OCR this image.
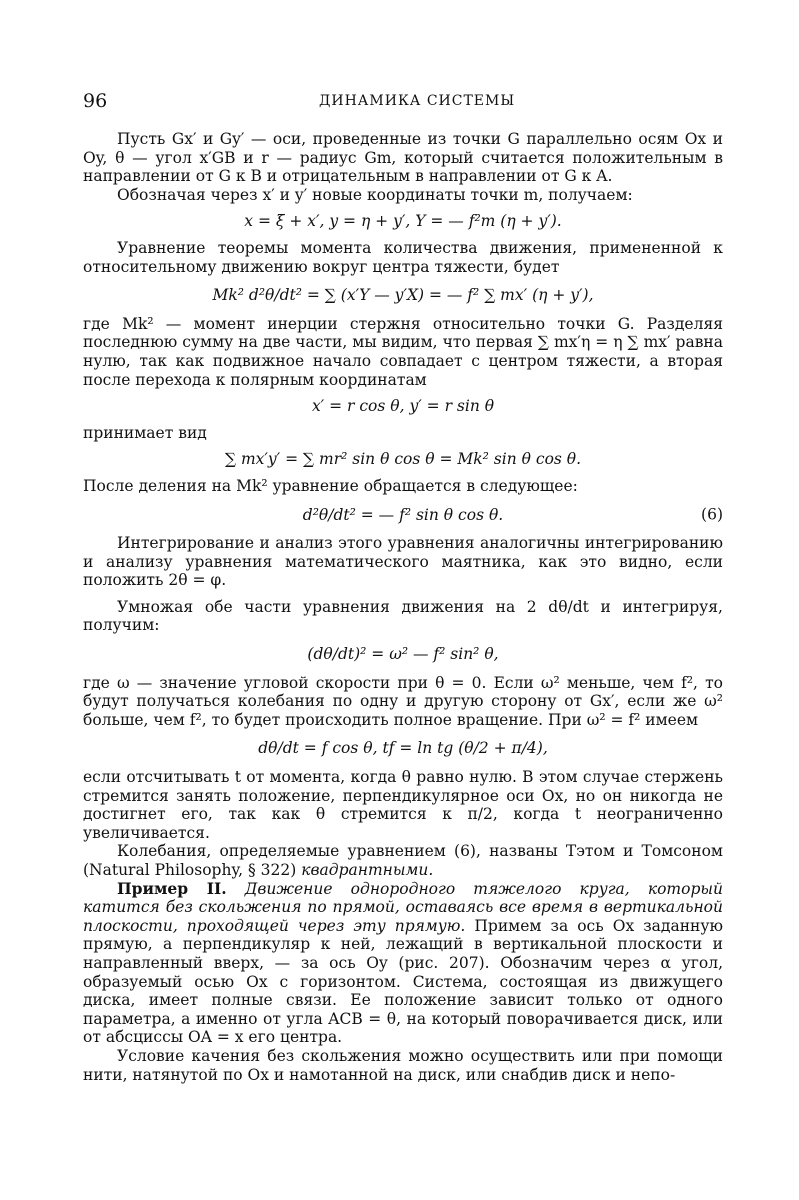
96	ДИНАМИКА СИСТЕМЫ

Пусть Gx′ и Gy′ — оси, проведенные из точки G параллельно осям Ox и Oy, θ — угол x′GB и r — радиус Gm, который считается положительным в направлении от G к B и отрицательным в направлении от G к A.

Обозначая через x′ и y′ новые координаты точки m, получаем:

x = ξ + x′, y = η + y′, Y = — f²m (η + y′).

Уравнение теоремы момента количества движения, примененной к относительному движению вокруг центра тяжести, будет

Mk² d²θ/dt² = ∑ (x′Y — y′X) = — f² ∑ mx′ (η + y′),

где Mk² — момент инерции стержня относительно точки G. Разделяя последнюю сумму на две части, мы видим, что первая ∑ mx′η = η ∑ mx′ равна нулю, так как подвижное начало совпадает с центром тяжести, а вторая после перехода к полярным координатам

x′ = r cos θ, y′ = r sin θ

принимает вид

∑ mx′y′ = ∑ mr² sin θ cos θ = Mk² sin θ cos θ.

После деления на Mk² уравнение обращается в следующее:

d²θ/dt² = — f² sin θ cos θ.	(6)

Интегрирование и анализ этого уравнения аналогичны интегрированию и анализу уравнения математического маятника, как это видно, если положить 2θ = φ.

Умножая обе части уравнения движения на 2 dθ/dt и интегрируя, получим:

(dθ/dt)² = ω² — f² sin² θ,

где ω — значение угловой скорости при θ = 0. Если ω² меньше, чем f², то будут получаться колебания по одну и другую сторону от Gx′, если же ω² больше, чем f², то будет происходить полное вращение. При ω² = f² имеем

dθ/dt = f cos θ, tf = ln tg (θ/2 + π/4),

если отсчитывать t от момента, когда θ равно нулю. В этом случае стержень стремится занять положение, перпендикулярное оси Ox, но он никогда не достигнет его, так как θ стремится к π/2, когда t неограниченно увеличивается.

Колебания, определяемые уравнением (6), названы Тэтом и Томсоном (Natural Philosophy, § 322) квадрантными.

Пример II. Движение однородного тяжелого круга, который катится без скольжения по прямой, оставаясь все время в вертикальной плоскости, проходящей через эту прямую. Примем за ось Ox заданную прямую, а перпендикуляр к ней, лежащий в вертикальной плоскости и направленный вверх, — за ось Oy (рис. 207). Обозначим через α угол, образуемый осью Ox с горизонтом. Система, состоящая из движущего диска, имеет полные связи. Ее положение зависит только от одного параметра, а именно от угла ACB = θ, на который поворачивается диск, или от абсциссы OA = x его центра.

Условие качения без скольжения можно осуществить или при помощи нити, натянутой по Ox и намотанной на диск, или снабдив диск и непо-
